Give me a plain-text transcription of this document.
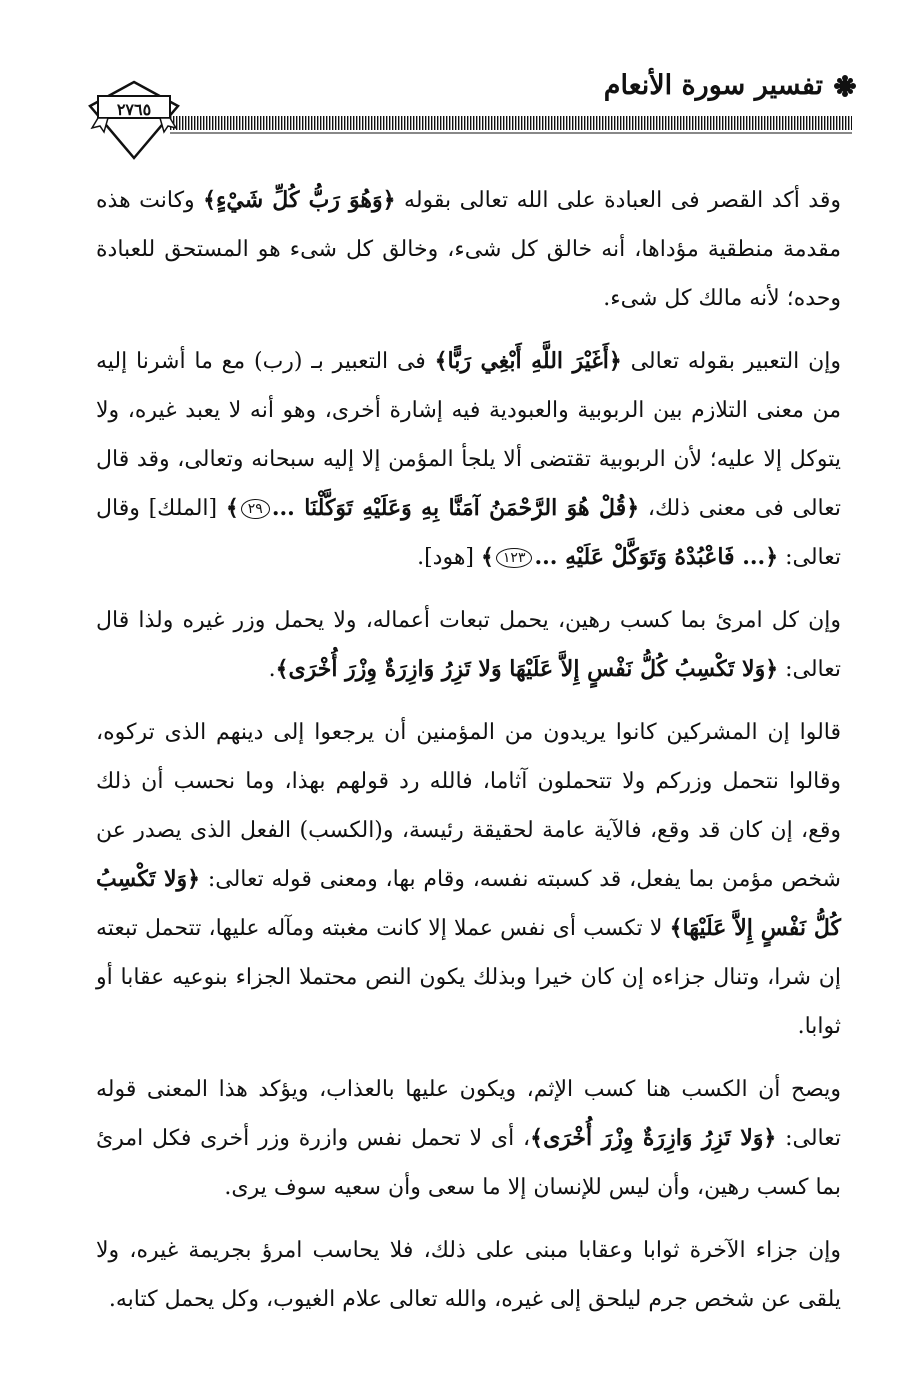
تفسير سورة الأنعام
٢٧٦٥

وقد أكد القصر فى العبادة على الله تعالى بقوله ﴿وَهُوَ رَبُّ كُلِّ شَيْءٍ﴾ وكانت هذه مقدمة منطقية مؤداها، أنه خالق كل شىء، وخالق كل شىء هو المستحق للعبادة وحده؛ لأنه مالك كل شىء.

وإن التعبير بقوله تعالى ﴿أَغَيْرَ اللَّهِ أَبْغِي رَبًّا﴾ فى التعبير بـ (رب) مع ما أشرنا إليه من معنى التلازم بين الربوبية والعبودية فيه إشارة أخرى، وهو أنه لا يعبد غيره، ولا يتوكل إلا عليه؛ لأن الربوبية تقتضى ألا يلجأ المؤمن إلا إليه سبحانه وتعالى، وقد قال تعالى فى معنى ذلك، ﴿قُلْ هُوَ الرَّحْمَنُ آمَنَّا بِهِ وَعَلَيْهِ تَوَكَّلْنَا ...٢٩﴾ [الملك] وقال تعالى: ﴿... فَاعْبُدْهُ وَتَوَكَّلْ عَلَيْهِ ...١٢٣﴾ [هود].

وإن كل امرئ بما كسب رهين، يحمل تبعات أعماله، ولا يحمل وزر غيره ولذا قال تعالى: ﴿وَلا تَكْسِبُ كُلُّ نَفْسٍ إِلاَّ عَلَيْهَا وَلا تَزِرُ وَازِرَةٌ وِزْرَ أُخْرَى﴾.

قالوا إن المشركين كانوا يريدون من المؤمنين أن يرجعوا إلى دينهم الذى تركوه، وقالوا نتحمل وزركم ولا تتحملون آثاما، فالله رد قولهم بهذا، وما نحسب أن ذلك وقع، إن كان قد وقع، فالآية عامة لحقيقة رئيسة، و(الكسب) الفعل الذى يصدر عن شخص مؤمن بما يفعل، قد كسبته نفسه، وقام بها، ومعنى قوله تعالى: ﴿وَلا تَكْسِبُ كُلُّ نَفْسٍ إِلاَّ عَلَيْهَا﴾ لا تكسب أى نفس عملا إلا كانت مغبته ومآله عليها، تتحمل تبعته إن شرا، وتنال جزاءه إن كان خيرا وبذلك يكون النص محتملا الجزاء بنوعيه عقابا أو ثوابا.

ويصح أن الكسب هنا كسب الإثم، ويكون عليها بالعذاب، ويؤكد هذا المعنى قوله تعالى: ﴿وَلا تَزِرُ وَازِرَةٌ وِزْرَ أُخْرَى﴾، أى لا تحمل نفس وازرة وزر أخرى فكل امرئ بما كسب رهين، وأن ليس للإنسان إلا ما سعى وأن سعيه سوف يرى.

وإن جزاء الآخرة ثوابا وعقابا مبنى على ذلك، فلا يحاسب امرؤ بجريمة غيره، ولا يلقى عن شخص جرم ليلحق إلى غيره، والله تعالى علام الغيوب، وكل يحمل كتابه.
